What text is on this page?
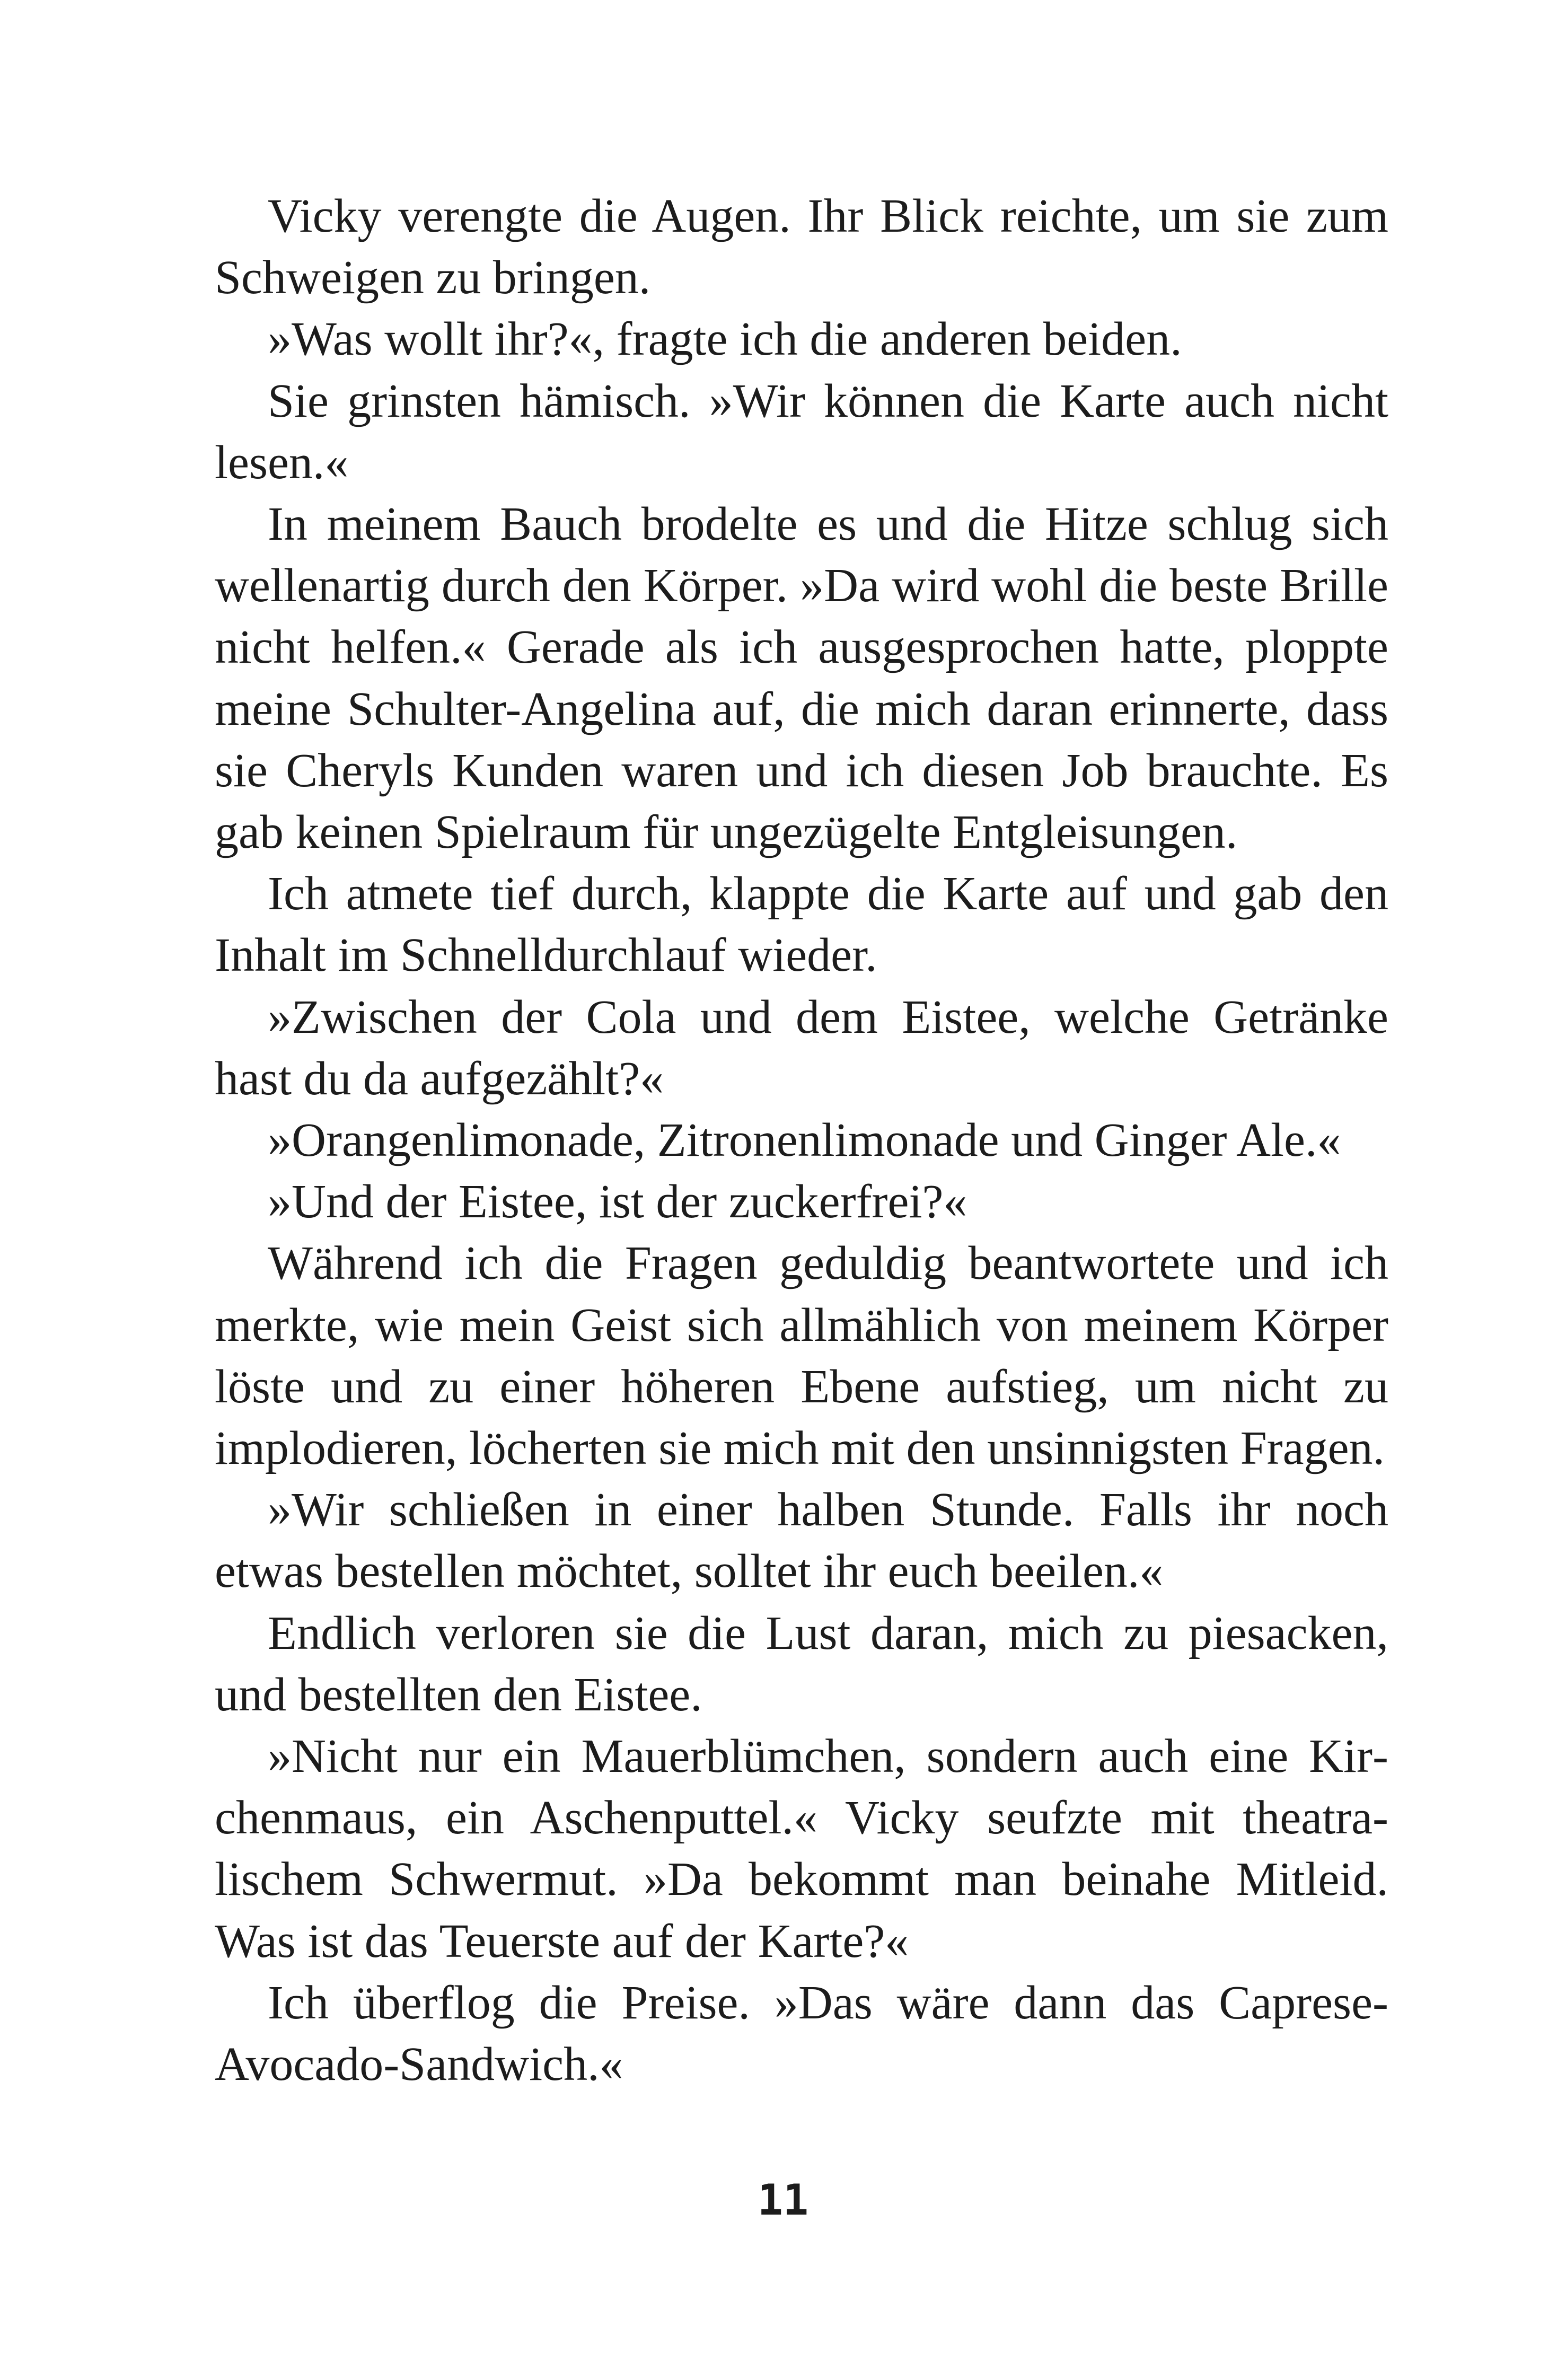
Vicky verengte die Augen. Ihr Blick reichte, um sie zum Schweigen zu bringen.

»Was wollt ihr?«, fragte ich die anderen beiden.

Sie grinsten hämisch. »Wir können die Karte auch nicht lesen.«

In meinem Bauch brodelte es und die Hitze schlug sich wellenartig durch den Körper. »Da wird wohl die beste Brille nicht helfen.« Gerade als ich ausgesprochen hatte, ploppte meine Schulter-Angelina auf, die mich daran erinnerte, dass sie Cheryls Kunden waren und ich diesen Job brauchte. Es gab keinen Spielraum für ungezügelte Entgleisungen.

Ich atmete tief durch, klappte die Karte auf und gab den Inhalt im Schnelldurchlauf wieder.

»Zwischen der Cola und dem Eistee, welche Getränke hast du da aufgezählt?«

»Orangenlimonade, Zitronenlimonade und Ginger Ale.«

»Und der Eistee, ist der zuckerfrei?«

Während ich die Fragen geduldig beantwortete und ich merkte, wie mein Geist sich allmählich von meinem Körper löste und zu einer höheren Ebene aufstieg, um nicht zu implodieren, löcherten sie mich mit den unsinnigsten Fragen.

»Wir schließen in einer halben Stunde. Falls ihr noch etwas bestellen möchtet, solltet ihr euch beeilen.«

Endlich verloren sie die Lust daran, mich zu piesacken, und bestellten den Eistee.

»Nicht nur ein Mauerblümchen, sondern auch eine Kirchenmaus, ein Aschenputtel.« Vicky seufzte mit theatralischem Schwermut. »Da bekommt man beinahe Mitleid. Was ist das Teuerste auf der Karte?«

Ich überflog die Preise. »Das wäre dann das Caprese-Avocado-Sandwich.«

11
